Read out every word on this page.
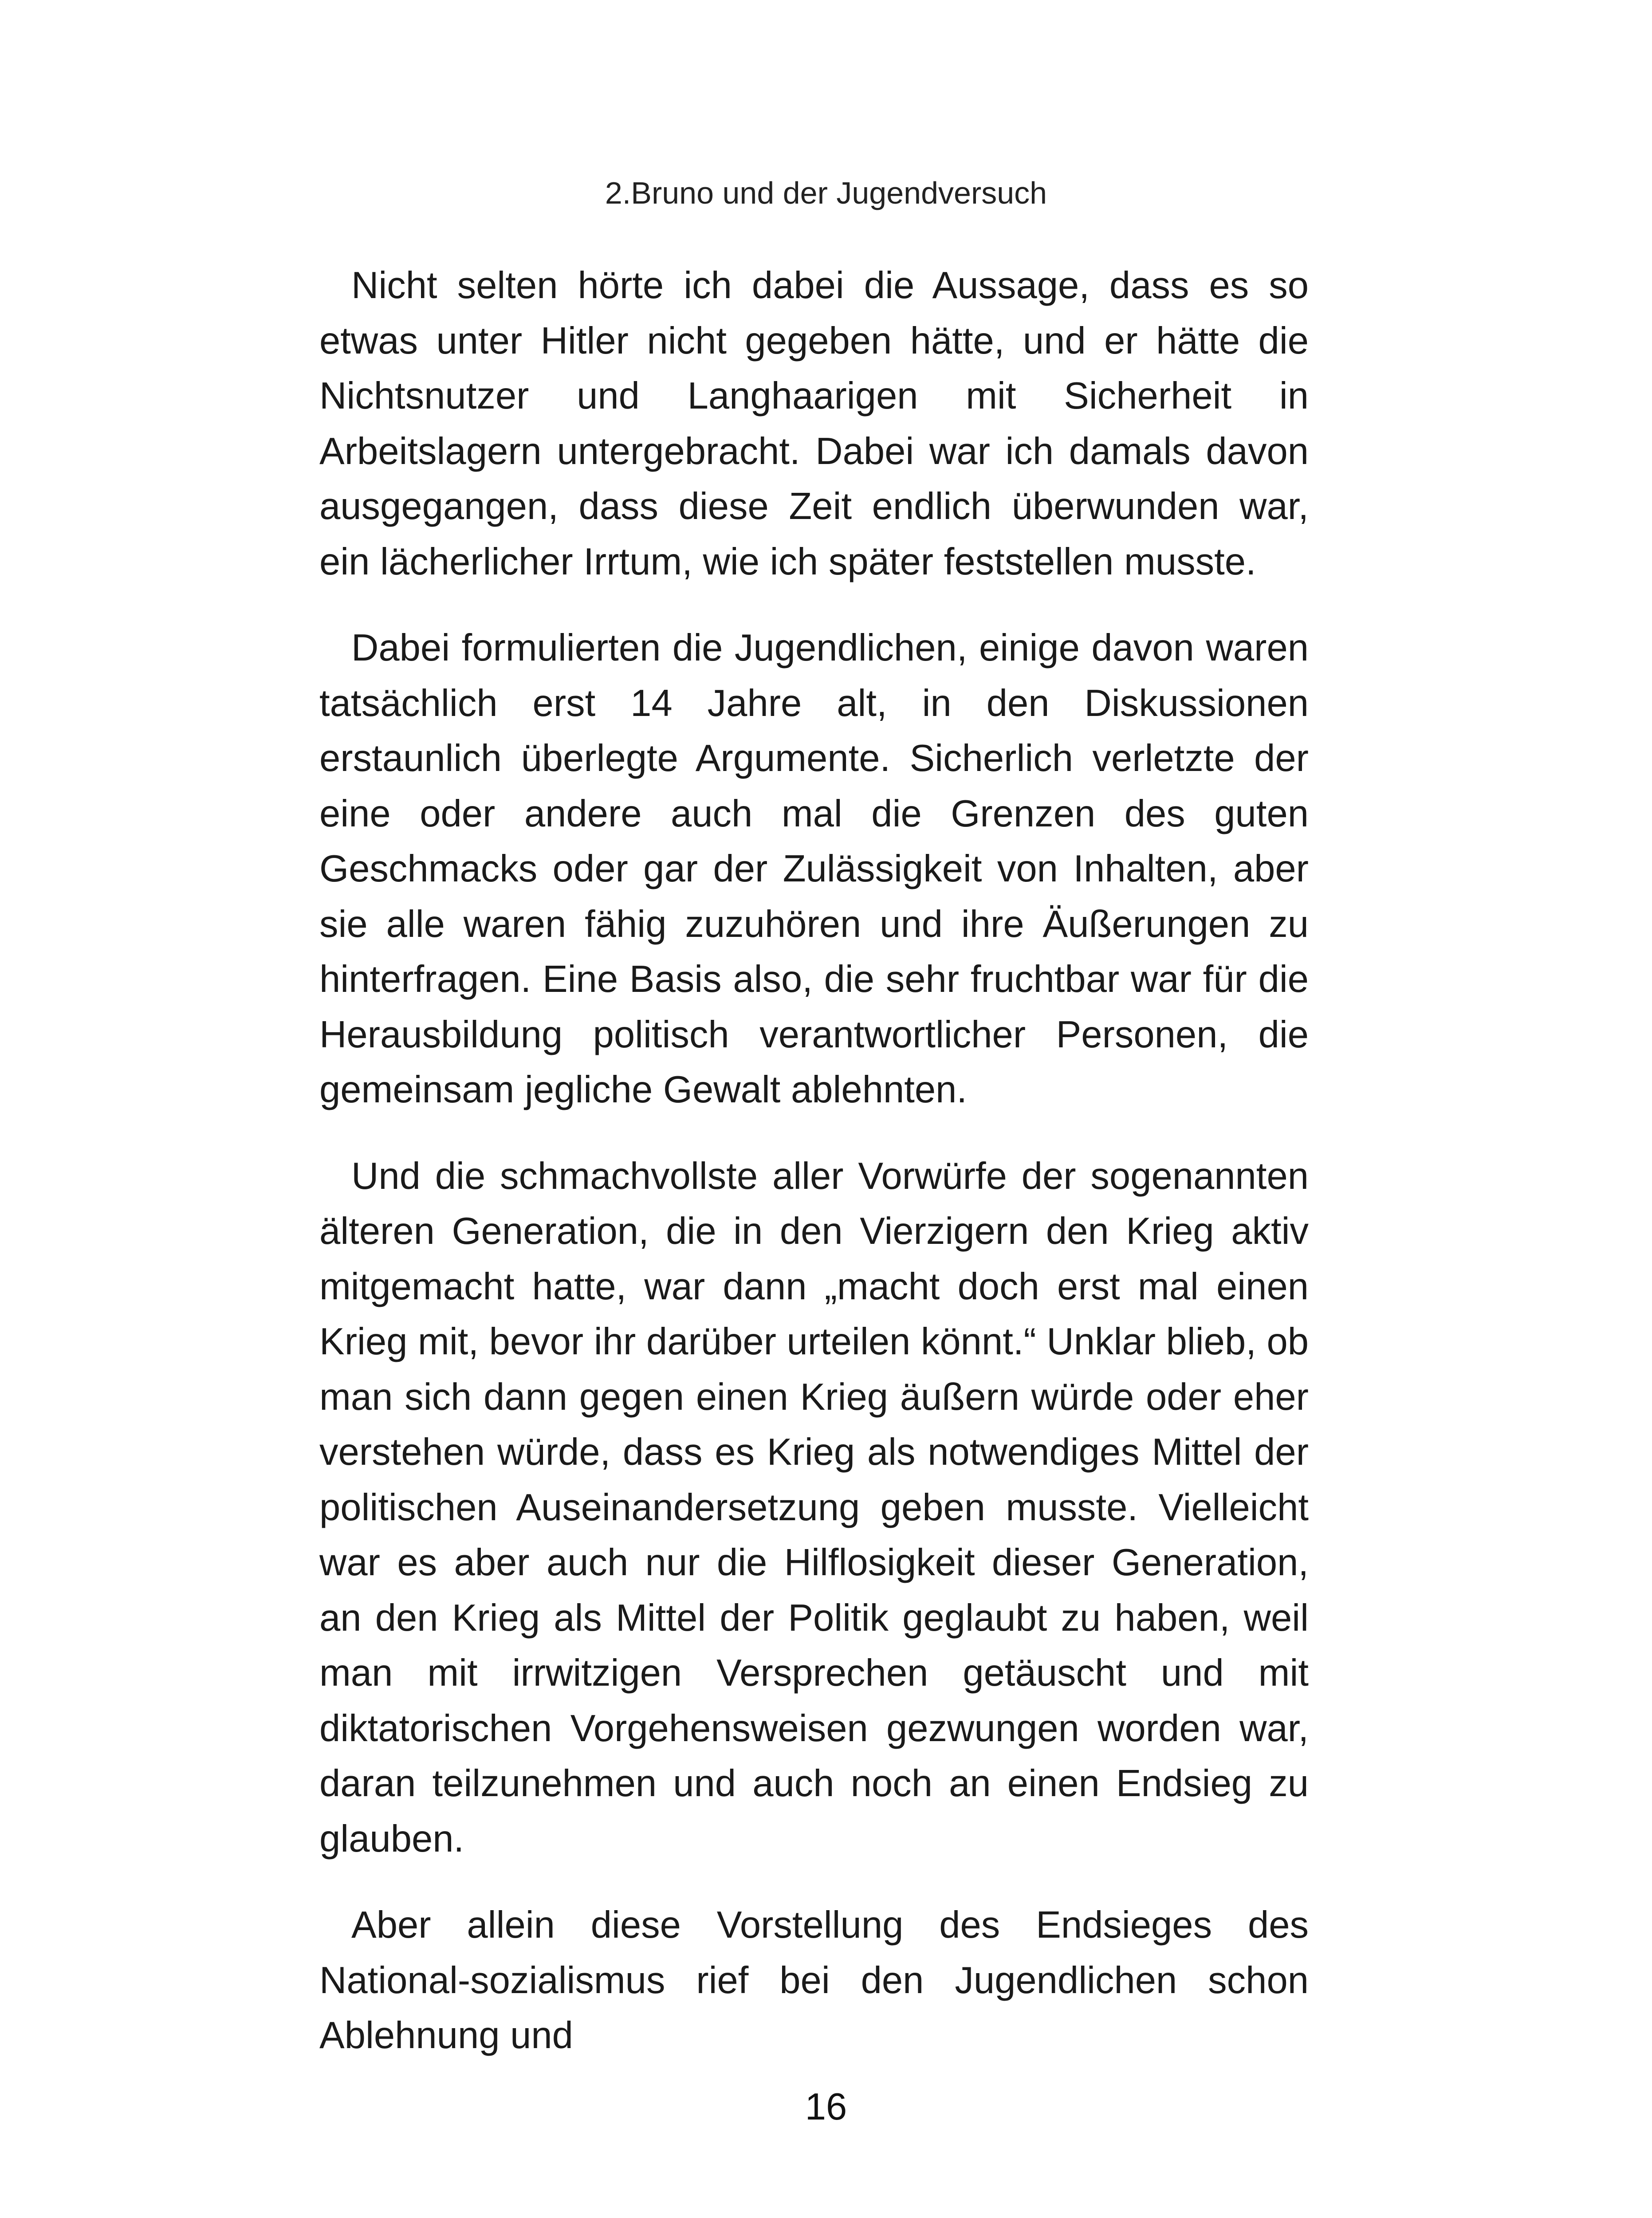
2.Bruno und der Jugendversuch

Nicht selten hörte ich dabei die Aussage, dass es so etwas unter Hitler nicht gegeben hätte, und er hätte die Nichtsnutzer und Langhaarigen mit Sicherheit in Arbeitslagern untergebracht. Dabei war ich damals davon ausgegangen, dass diese Zeit endlich überwunden war, ein lächerlicher Irrtum, wie ich später feststellen musste.

Dabei formulierten die Jugendlichen, einige davon waren tatsächlich erst 14 Jahre alt, in den Diskussionen erstaunlich überlegte Argumente. Sicherlich verletzte der eine oder andere auch mal die Grenzen des guten Geschmacks oder gar der Zulässigkeit von Inhalten, aber sie alle waren fähig zuzuhören und ihre Äußerungen zu hinterfragen. Eine Basis also, die sehr fruchtbar war für die Herausbildung politisch verantwortlicher Personen, die gemeinsam jegliche Gewalt ablehnten.

Und die schmachvollste aller Vorwürfe der sogenannten älteren Generation, die in den Vierzigern den Krieg aktiv mitgemacht hatte, war dann „macht doch erst mal einen Krieg mit, bevor ihr darüber urteilen könnt.“ Unklar blieb, ob man sich dann gegen einen Krieg äußern würde oder eher verstehen würde, dass es Krieg als notwendiges Mittel der politischen Auseinandersetzung geben musste. Vielleicht war es aber auch nur die Hilflosigkeit dieser Generation, an den Krieg als Mittel der Politik geglaubt zu haben, weil man mit irrwitzigen Versprechen getäuscht und mit diktatorischen Vorgehensweisen gezwungen worden war, daran teilzunehmen und auch noch an einen Endsieg zu glauben.

Aber allein diese Vorstellung des Endsieges des National-sozialismus rief bei den Jugendlichen schon Ablehnung und

16
